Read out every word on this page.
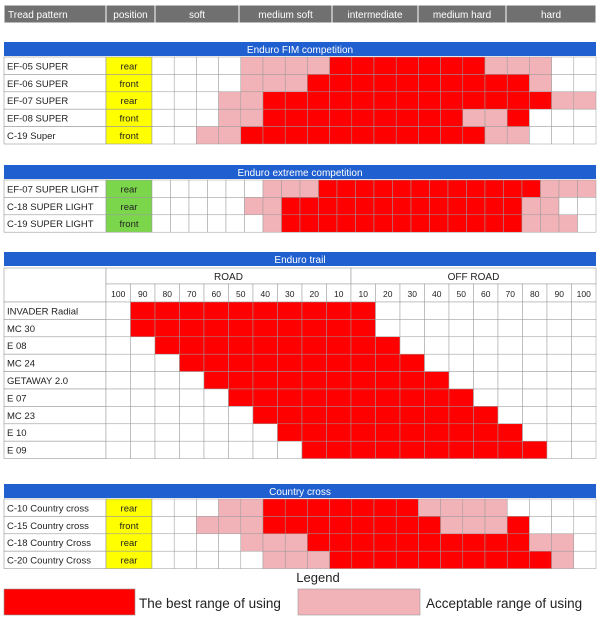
Tread pattern	position	soft	medium soft	intermediate	medium hard	hard
Enduro FIM competition
EF-05 SUPER	rear
EF-06 SUPER	front
EF-07 SUPER	rear
EF-08 SUPER	front
C-19 Super	front
Enduro extreme competition
EF-07 SUPER LIGHT rear
C-18 SUPER LIGHT	rear
C-19 SUPER LIGHT	front
Enduro trail
ROAD	OFF ROAD
100 90 80 70 60 50 40 30 20 10 10 20 30 40 50 60 70 80 90 100
INVADER Radial
MC 30
E 08
MC 24
GETAWAY 2.0
E 07
MC 23
E 10
E 09
Country cross
C-10 Country cross	rear
C-15 Country cross	front
C-18 Country Cross	rear
C-20 Country Cross	rear
Legend
The best range of using	Acceptable range of using
